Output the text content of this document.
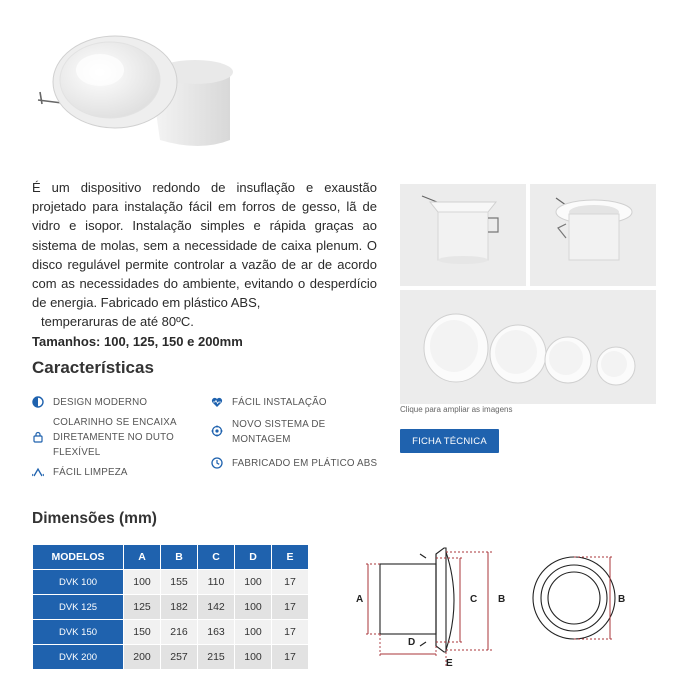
É um dispositivo redondo de insuflação e exaustão projetado para instalação fácil em forros de gesso, lã de vidro e isopor. Instalação simples e rápida graças ao sistema de molas, sem a necessidade de caixa plenum. O disco regulável permite controlar a vazão de ar de acordo com as necessidades do ambiente, evitando o desperdício de energia. Fabricado em plástico ABS,

temperaruras de até 80ºC.

Tamanhos: 100, 125, 150 e 200mm

Clique para ampliar as imagens
FICHA TÉCNICA
Características
DESIGN MODERNO
COLARINHO SE ENCAIXA DIRETAMENTE NO DUTO FLEXÍVEL
FÁCIL LIMPEZA
FÁCIL INSTALAÇÃO
NOVO SISTEMA DE MONTAGEM
FABRICADO EM PLÁTICO ABS
Dimensões (mm)
MODELOS	A	B	C	D	E
DVK 100	100	155	110	100	17
DVK 125	125	182	142	100	17
DVK 150	150	216	163	100	17
DVK 200	200	257	215	100	17
A	C B
D
E
B
